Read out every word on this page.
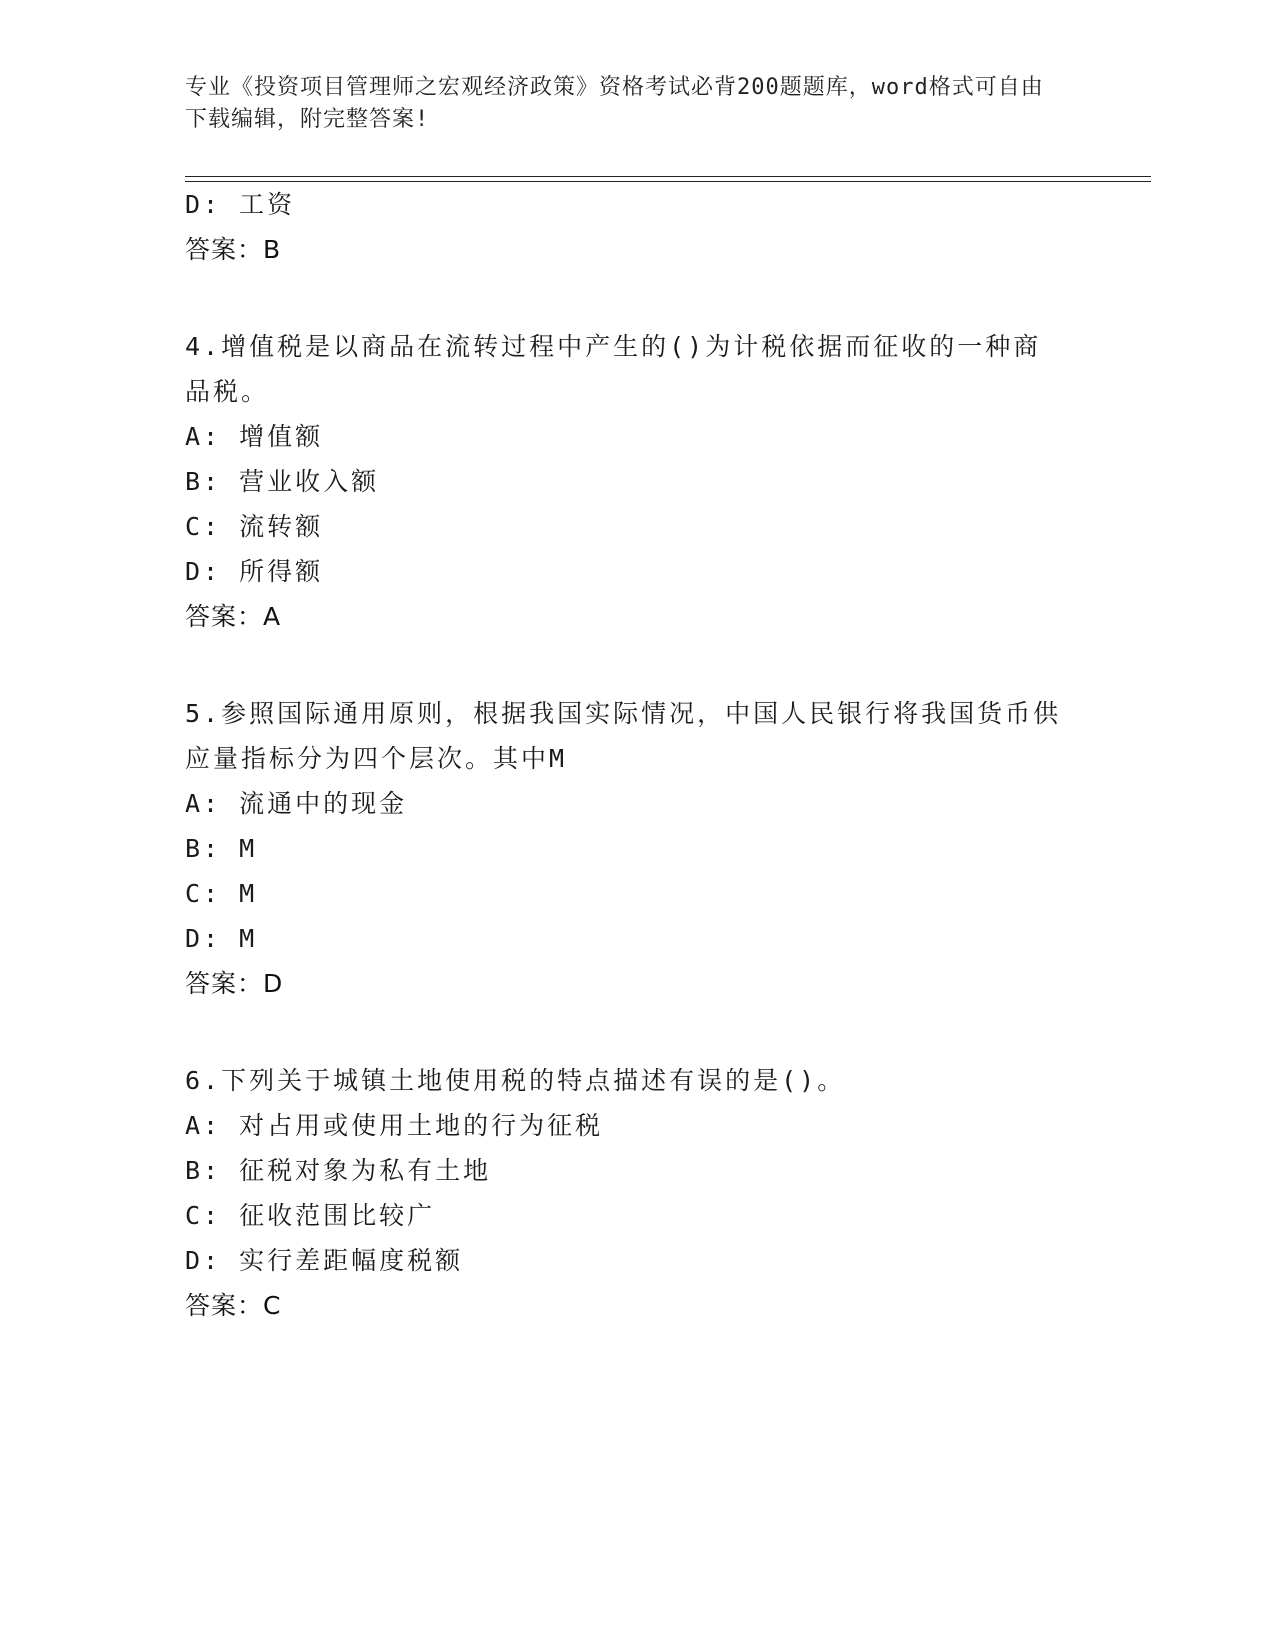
专业《投资项目管理师之宏观经济政策》资格考试必背200题题库，word格式可自由下载编辑，附完整答案!
D: 工资
答案：B
4.增值税是以商品在流转过程中产生的()为计税依据而征收的一种商品税。
A: 增值额
B: 营业收入额
C: 流转额
D: 所得额
答案：A
5.参照国际通用原则，根据我国实际情况，中国人民银行将我国货币供应量指标分为四个层次。其中M
A: 流通中的现金
B: M
C: M
D: M
答案：D
6.下列关于城镇土地使用税的特点描述有误的是()。
A: 对占用或使用土地的行为征税
B: 征税对象为私有土地
C: 征收范围比较广
D: 实行差距幅度税额
答案：C
